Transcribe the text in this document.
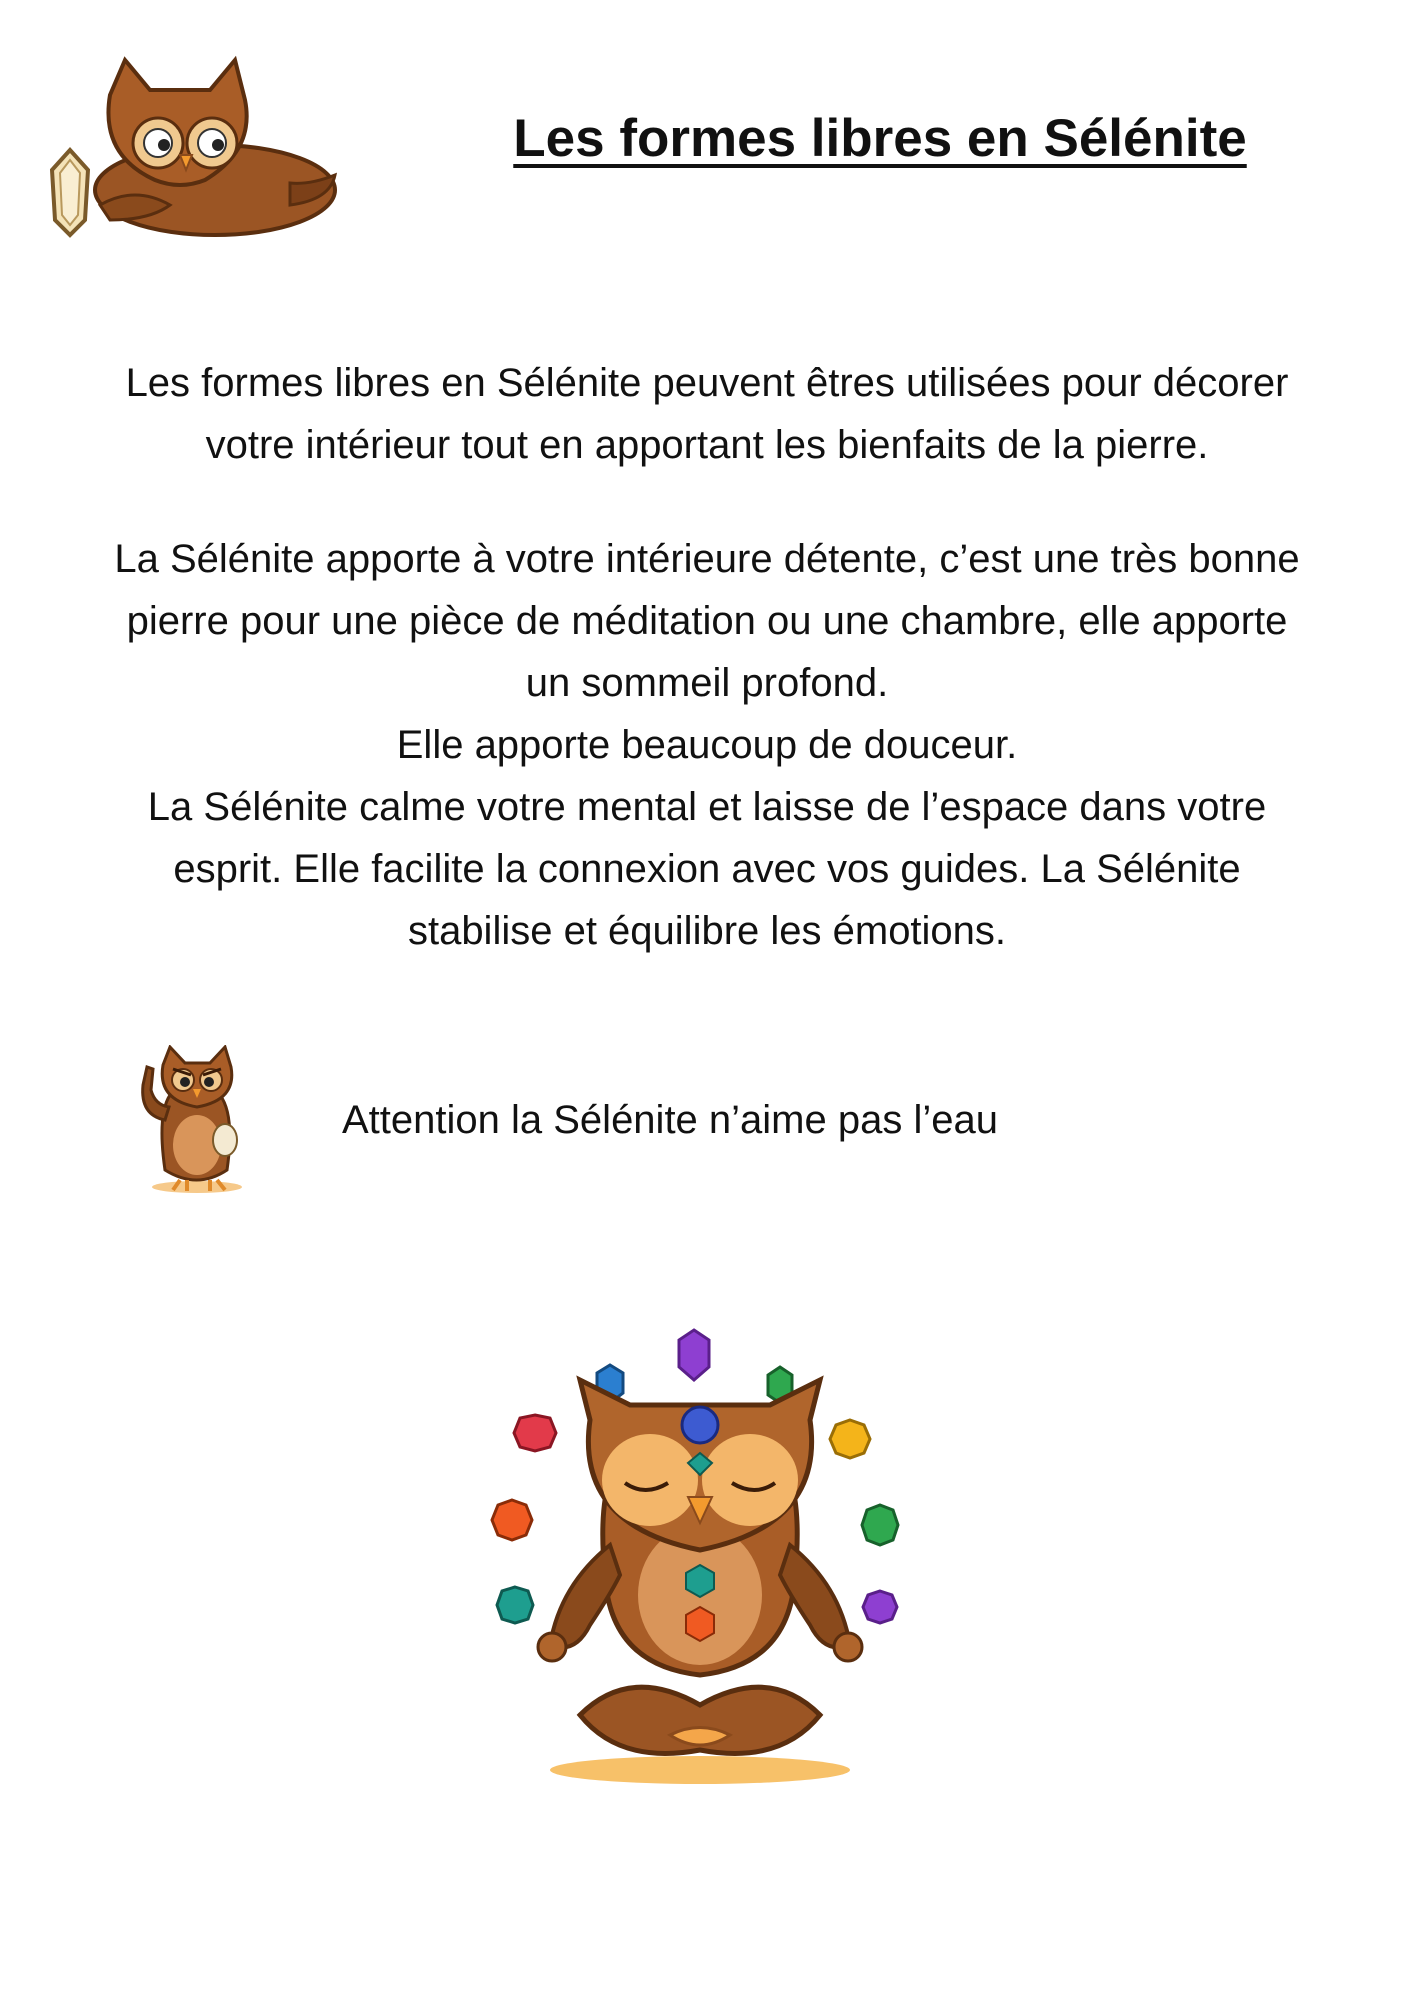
Les formes libres en Sélénite
Les formes libres en Sélénite peuvent êtres utilisées pour décorer
votre intérieur tout en apportant les bienfaits de la pierre.
La Sélénite apporte à votre intérieure détente, c’est une très bonne
pierre pour une pièce de méditation ou une chambre, elle apporte
un sommeil profond.
Elle apporte beaucoup de douceur.
La Sélénite calme votre mental et laisse de l’espace dans votre
esprit. Elle facilite la connexion avec vos guides. La Sélénite
stabilise et équilibre les émotions.
Attention la Sélénite n’aime pas l’eau
